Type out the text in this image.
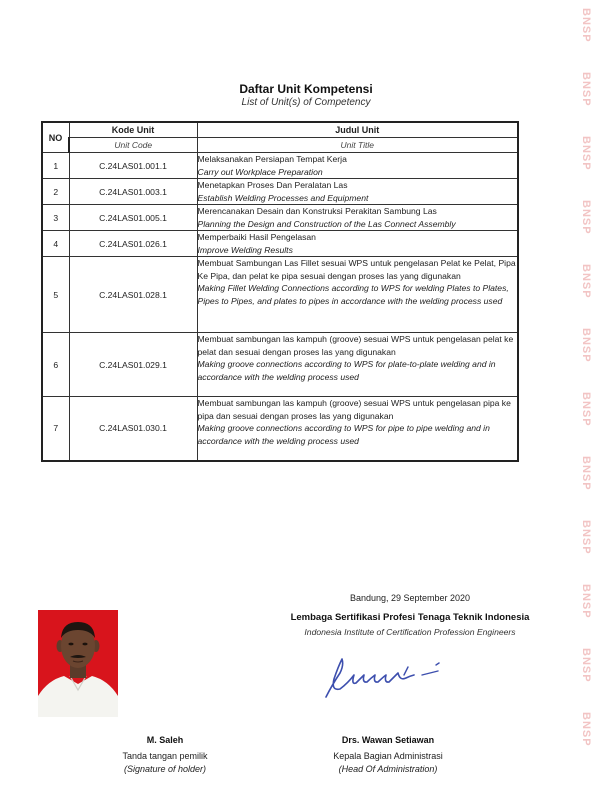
BNSP
BNSP
BNSP
BNSP
BNSP
BNSP
BNSP
BNSP
BNSP
BNSP
BNSP
BNSP
Daftar Unit Kompetensi
List of Unit(s) of Competency
NO	Kode Unit	Judul Unit
	Unit Code	Unit Title
1	C.24LAS01.001.1	Melaksanakan Persiapan Tempat Kerja
Carry out Workplace Preparation

2	C.24LAS01.003.1	Menetapkan Proses Dan Peralatan Las
Establish Welding Processes and Equipment

3	C.24LAS01.005.1	Merencanakan Desain dan Konstruksi Perakitan Sambung Las
Planning the Design and Construction of the Las Connect Assembly

4	C.24LAS01.026.1	Memperbaiki Hasil Pengelasan
Improve Welding Results

5	C.24LAS01.028.1	Membuat Sambungan Las Fillet sesuai WPS untuk pengelasan Pelat ke Pelat, Pipa Ke Pipa, dan pelat ke pipa sesuai dengan proses las yang digunakan
Making Fillet Welding Connections according to WPS for welding Plates to Plates, Pipes to Pipes, and plates to pipes in accordance with the welding process used

6	C.24LAS01.029.1	Membuat sambungan las kampuh (groove) sesuai WPS untuk pengelasan pelat ke pelat dan sesuai dengan proses las yang digunakan
Making groove connections according to WPS for plate-to-plate welding and in accordance with the welding process used

7	C.24LAS01.030.1	Membuat sambungan las kampuh (groove) sesuai WPS untuk pengelasan pipa ke pipa dan sesuai dengan proses las yang digunakan
Making groove connections according to WPS for pipe to pipe welding and in accordance with the welding process used
Bandung, 29 September 2020
Lembaga Sertifikasi Profesi Tenaga Teknik Indonesia
Indonesia Institute of Certification Profession Engineers
M. Saleh
Tanda tangan pemilik
(Signature of holder)
Drs. Wawan Setiawan
Kepala Bagian Administrasi
(Head Of Administration)
